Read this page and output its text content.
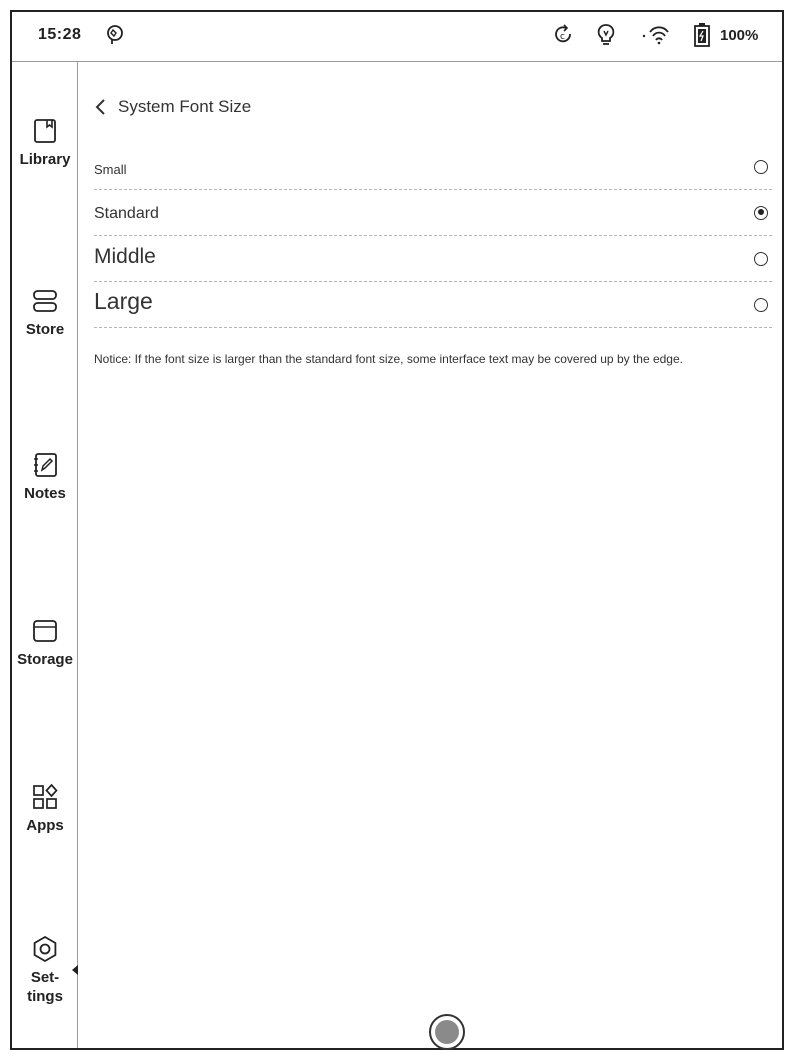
15:28	c	100%
Library
Store
Notes
Storage
Apps
Set-
tings
System Font Size
Small
Standard
Middle
Large

Notice: If the font size is larger than the standard font size, some interface text may be covered up by the edge.
